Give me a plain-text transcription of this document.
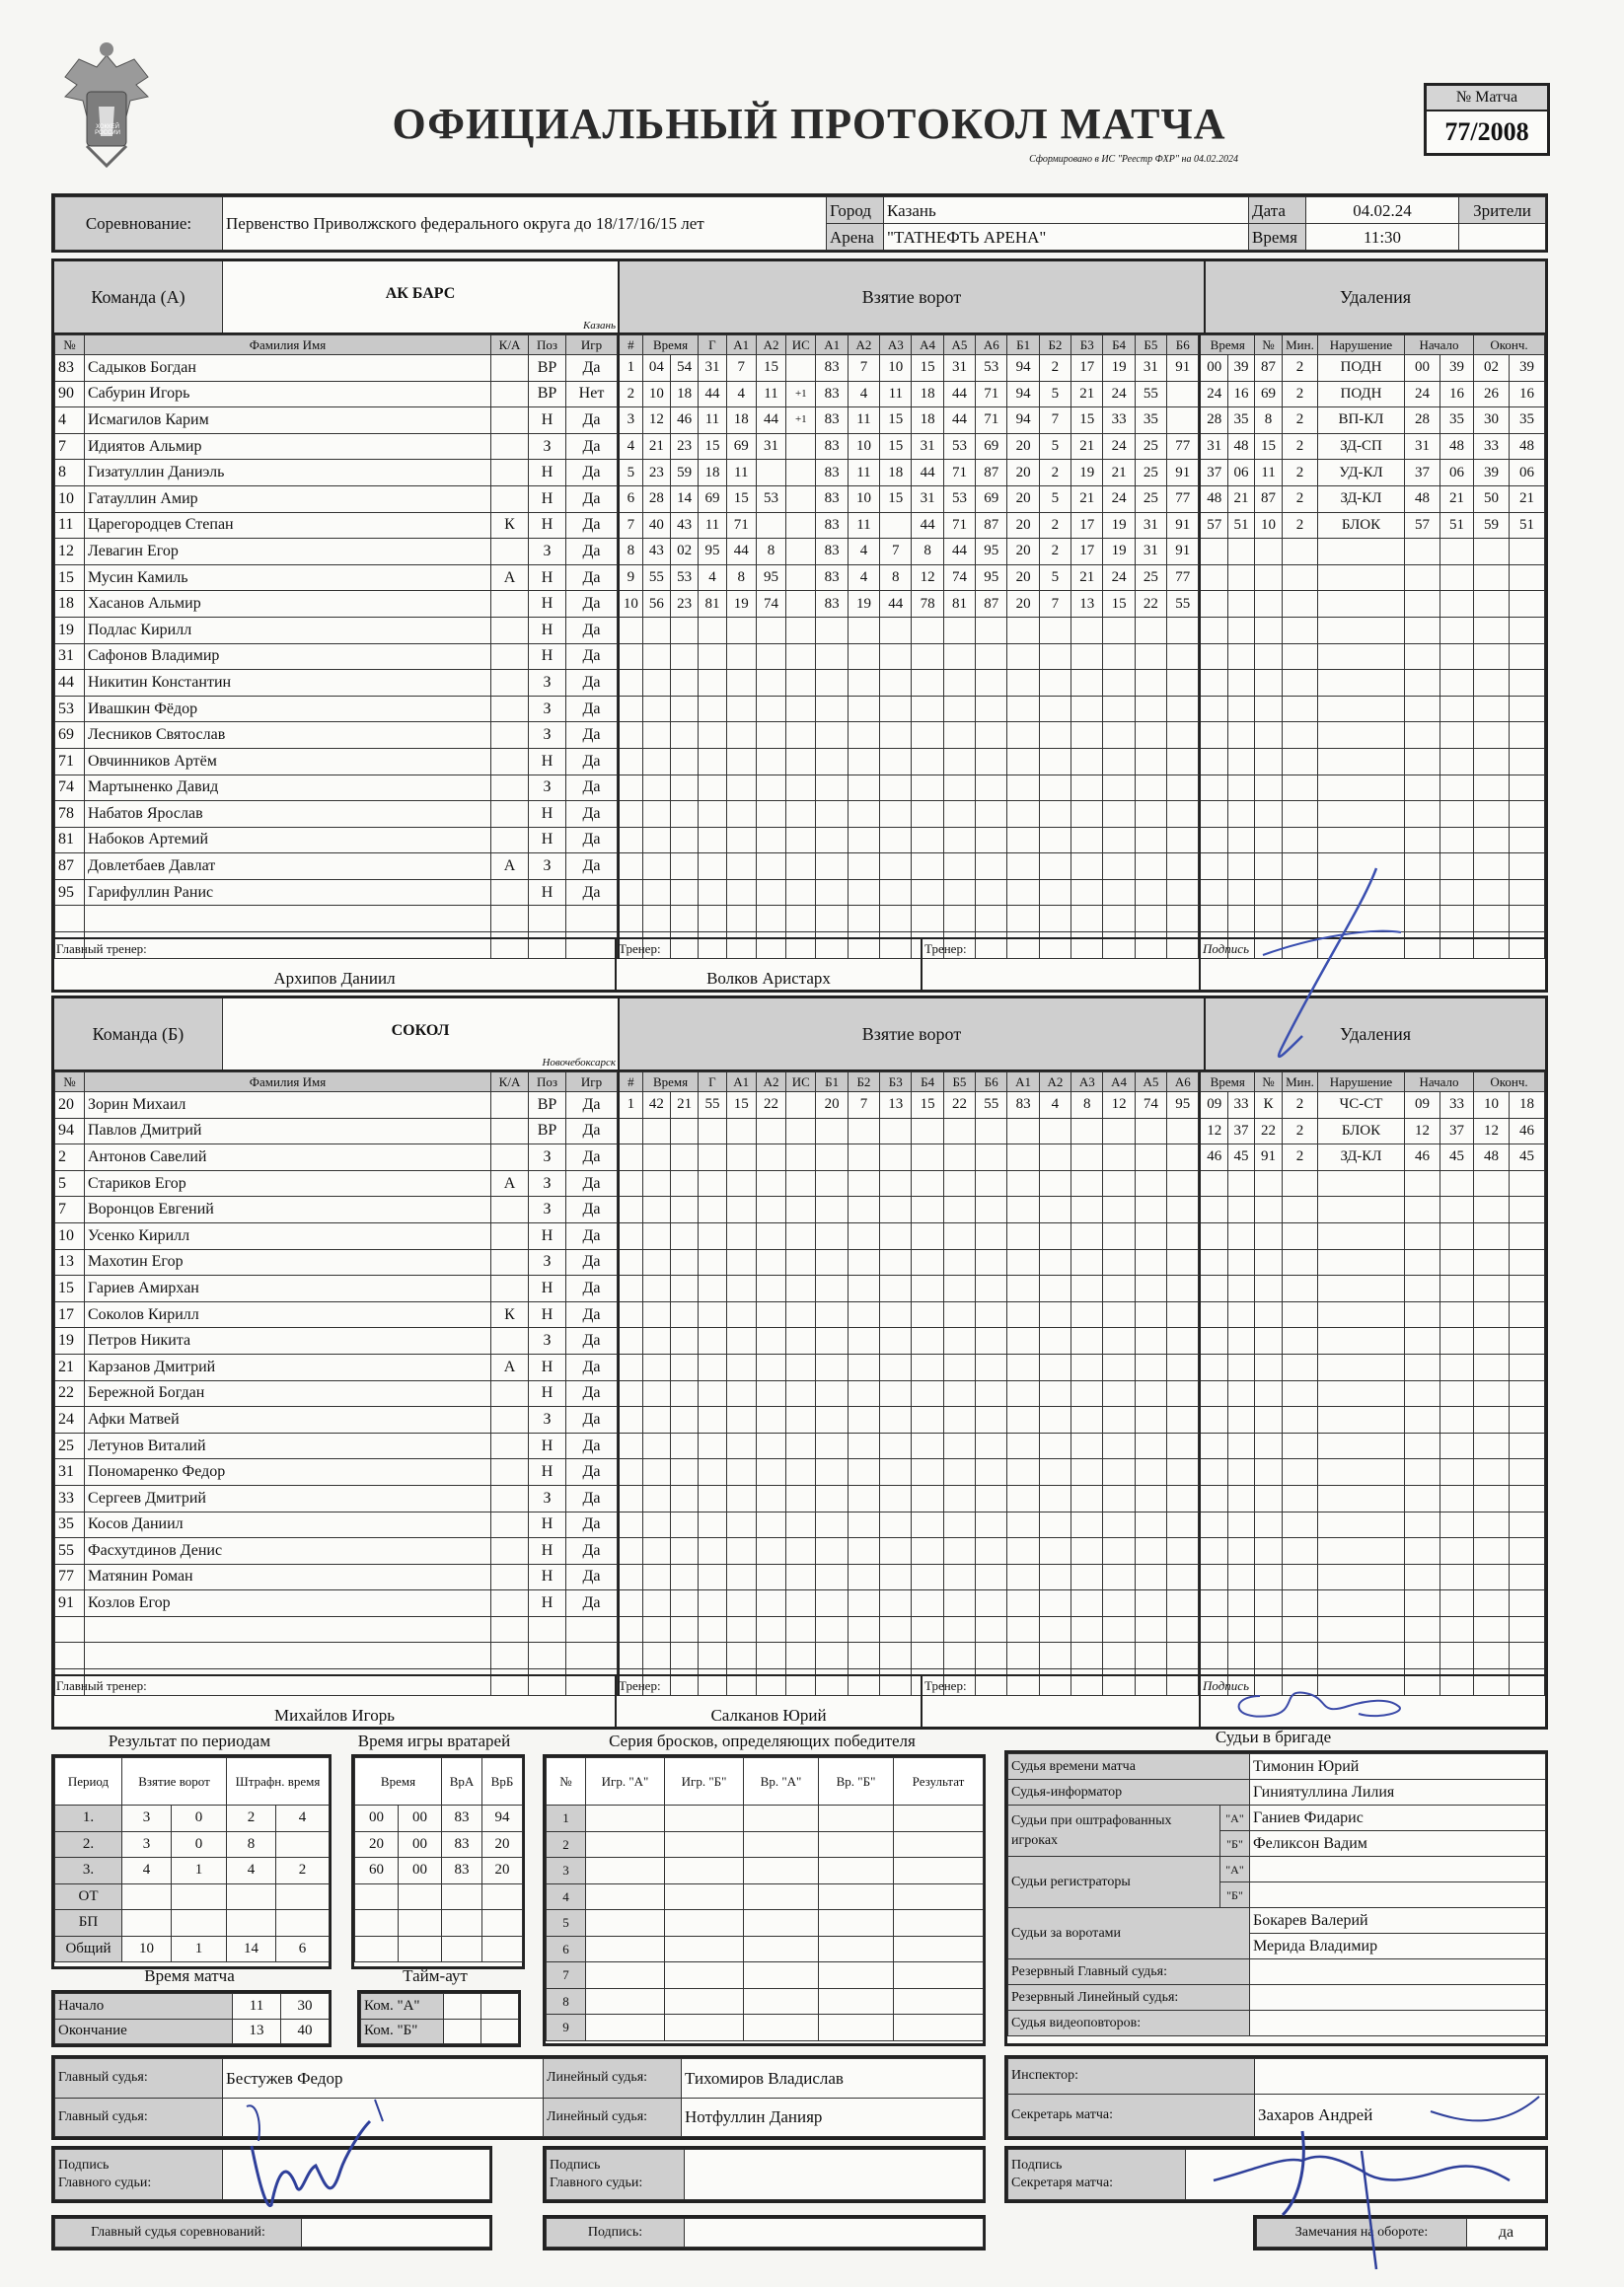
ХОККЕЙ РОССИИ	ОФИЦИАЛЬНЫЙ ПРОТОКОЛ МАТЧА
Сформировано в ИС "Реестр ФХР" на 04.02.2024
№ Матча
77/2008
Соревнование:	Первенство Приволжского федерального округа до 18/17/16/15 лет	Город	Казань	Дата	04.02.24	Зрители
		Арена	"ТАТНЕФТЬ АРЕНА"	Время	11:30	
Команда (А)	АК БАРС
Казань
Взятие ворот	Удаления
№	Фамилия Имя	К/А	Поз	Игр
83	Садыков Богдан		ВР	Да
90	Сабурин Игорь		ВР	Нет
4	Исмагилов Карим		Н	Да
7	Идиятов Альмир		З	Да
8	Гизатуллин Даниэль		Н	Да
10	Гатауллин Амир		Н	Да
11	Царегородцев Степан	К	Н	Да
12	Левагин Егор		З	Да
15	Мусин Камиль	А	Н	Да
18	Хасанов Альмир		Н	Да
19	Подлас Кирилл		Н	Да
31	Сафонов Владимир		Н	Да
44	Никитин Константин		З	Да
53	Ивашкин Фёдор		З	Да
69	Лесников Святослав		З	Да
71	Овчинников Артём		Н	Да
74	Мартыненко Давид		З	Да
78	Набатов Ярослав		Н	Да
81	Набоков Артемий		Н	Да
87	Довлетбаев Давлат	А	З	Да
95	Гарифуллин Ранис		Н	Да

#	Время		Г	А1	А2	ИС	А1	А2	А3	А4	А5	А6	Б1	Б2	Б3	Б4	Б5	Б6
1	04	54	31	7	15		83	7	10	15	31	53	94	2	17	19	31	91
2	10	18	44	4	11	+1	83	4	11	18	44	71	94	5	21	24	55	
3	12	46	11	18	44	+1	83	11	15	18	44	71	94	7	15	33	35	
4	21	23	15	69	31		83	10	15	31	53	69	20	5	21	24	25	77
5	23	59	18	11			83	11	18	44	71	87	20	2	19	21	25	91
6	28	14	69	15	53		83	10	15	31	53	69	20	5	21	24	25	77
7	40	43	11	71			83	11		44	71	87	20	2	17	19	31	91
8	43	02	95	44	8		83	4	7	8	44	95	20	2	17	19	31	91
9	55	53	4	8	95		83	4	8	12	74	95	20	5	21	24	25	77
10	56	23	81	19	74		83	19	44	78	81	87	20	7	13	15	22	55

Время		№	Мин.	Нарушение	Начало		Оконч.	
00	39	87	2	ПОДН	00	39	02	39
24	16	69	2	ПОДН	24	16	26	16
28	35	8	2	ВП-КЛ	28	35	30	35
31	48	15	2	ЗД-СП	31	48	33	48
37	06	11	2	УД-КЛ	37	06	39	06
48	21	87	2	ЗД-КЛ	48	21	50	21
57	51	10	2	БЛОК	57	51	59	51

Главный тренер:
Архипов Даниил
Тренер:
Волков Аристарх
Тренер:	Подпись
Команда (Б)	СОКОЛ
Новочебоксарск
Взятие ворот	Удаления
№	Фамилия Имя	К/А	Поз	Игр
20	Зорин Михаил		ВР	Да
94	Павлов Дмитрий		ВР	Да
2	Антонов Савелий		З	Да
5	Стариков Егор	А	З	Да
7	Воронцов Евгений		З	Да
10	Усенко Кирилл		Н	Да
13	Махотин Егор		З	Да
15	Гариев Амирхан		Н	Да
17	Соколов Кирилл	К	Н	Да
19	Петров Никита		З	Да
21	Карзанов Дмитрий	А	Н	Да
22	Бережной Богдан		Н	Да
24	Афки Матвей		З	Да
25	Летунов Виталий		Н	Да
31	Пономаренко Федор		Н	Да
33	Сергеев Дмитрий		З	Да
35	Косов Даниил		Н	Да
55	Фасхутдинов Денис		Н	Да
77	Матянин Роман		Н	Да
91	Козлов Егор		Н	Да

#	Время		Г	А1	А2	ИС	Б1	Б2	Б3	Б4	Б5	Б6	А1	А2	А3	А4	А5	А6
1	42	21	55	15	22		20	7	13	15	22	55	83	4	8	12	74	95

Время		№	Мин.	Нарушение	Начало		Оконч.	
09	33	К	2	ЧС-СТ	09	33	10	18
12	37	22	2	БЛОК	12	37	12	46
46	45	91	2	ЗД-КЛ	46	45	48	45

Главный тренер:
Михайлов Игорь
Тренер:
Салканов Юрий
Тренер:	Подпись
Результат по периодам
Период	Взятие ворот		Штрафн. время	
1.	3	0	2	4
2.	3	0	8	
3.	4	1	4	2
ОТ				
БП				
Общий	10	1	14	6
Время игры вратарей
Время		ВрА	ВрБ
00	00	83	94
20	00	83	20
60	00	83	20

Время матча
Начало	11	30
Окончание	13	40
Тайм-аут
Ком. "А"		
Ком. "Б"		
Серия бросков, определяющих победителя
№	Игр. "А"	Игр. "Б"	Вр. "А"	Вр. "Б"	Результат
1					
2					
3					
4					
5					
6					
7					
8					
9					
Судьи в бригаде
Судья времени матча		Тимонин Юрий
Судья-информатор		Гиниятуллина Лилия
Судьи при оштрафованных игроках	"А"	Ганиев Фидарис
	"Б"	Феликсон Вадим
Судьи регистраторы	"А"	
	"Б"	
Судьи за воротами		Бокарев Валерий
		Мерида Владимир
Резервный Главный судья:		
Резервный Линейный судья:		
Судья видеоповторов:		
Главный судья:	Бестужев Федор	Линейный судья:	Тихомиров Владислав
Главный судья:		Линейный судья:	Нотфуллин Данияр
Инспектор:	
Секретарь матча:	Захаров Андрей
Подпись
Главного судьи:	
Подпись
Главного судьи:	
Подпись
Секретаря матча:	
Главный судья соревнований:		Подпись:		Замечания на обороте:	да
